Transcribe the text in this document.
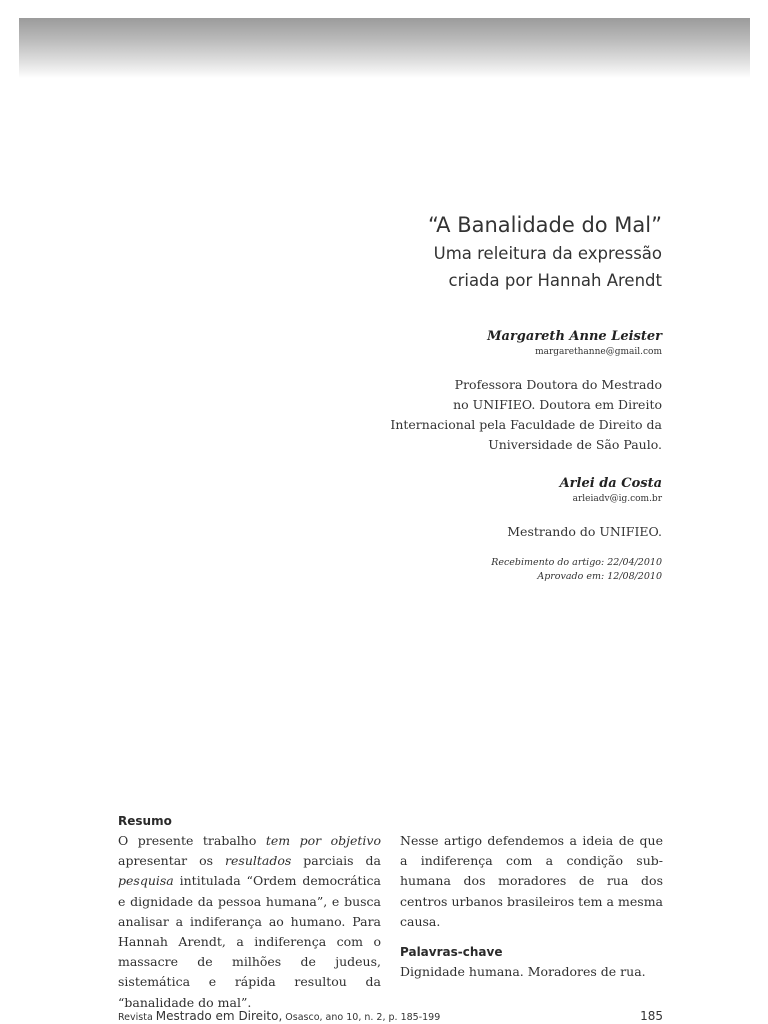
“A Banalidade do Mal”
Uma releitura da expressão
criada por Hannah Arendt
Margareth Anne Leister
margarethanne@gmail.com
Professora Doutora do Mestrado
no UNIFIEO. Doutora em Direito
Internacional pela Faculdade de Direito da
Universidade de São Paulo.
Arlei da Costa
arleiadv@ig.com.br
Mestrando do UNIFIEO.
Recebimento do artigo: 22/04/2010
Aprovado em: 12/08/2010
Resumo
O presente trabalho tem por objetivo apresentar os resultados parciais da pesquisa intitulada “Ordem democrática e dignidade da pessoa humana”, e busca analisar a indiferança ao humano. Para Hannah Arendt, a indiferença com o massacre de milhões de judeus, sistemática e rápida resultou da “banalidade do mal”.
Nesse artigo defendemos a ideia de que a indiferença com a condição sub-humana dos moradores de rua dos centros urbanos brasileiros tem a mesma causa.
Palavras-chave
Dignidade humana. Moradores de rua.
Revista Mestrado em Direito, Osasco, ano 10, n. 2, p. 185-199	185
